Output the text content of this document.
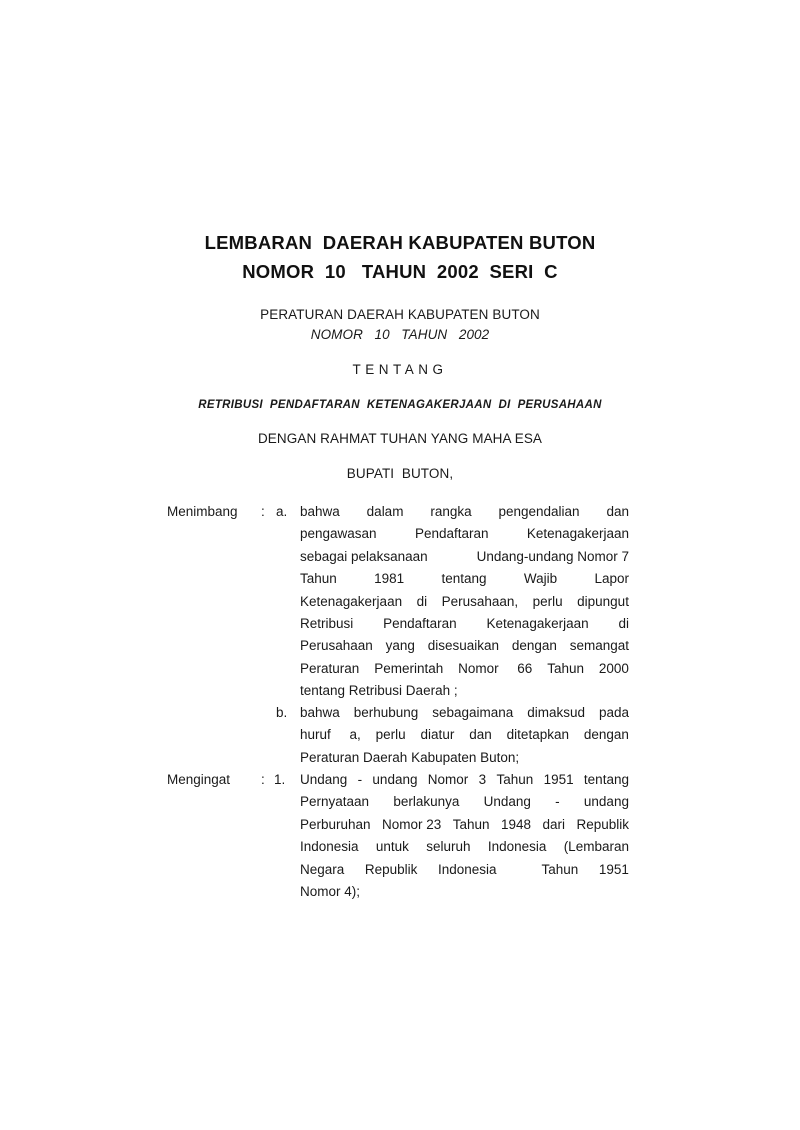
LEMBARAN  DAERAH KABUPATEN BUTON
NOMOR  10   TAHUN  2002  SERI  C
PERATURAN DAERAH KABUPATEN BUTON
NOMOR   10   TAHUN   2002
TENTANG
RETRIBUSI  PENDAFTARAN  KETENAGAKERJAAN  DI  PERUSAHAAN
DENGAN RAHMAT TUHAN YANG MAHA ESA
BUPATI  BUTON,
Menimbang : a. bahwa dalam rangka pengendalian dan
pengawasan	Pendaftaran	Ketenagakerjaan
sebagai pelaksanaan	Undang-undang Nomor 7
Tahun	1981	tentang	Wajib	Lapor
Ketenagakerjaan di Perusahaan, perlu dipungut
Retribusi Pendaftaran Ketenagakerjaan di
Perusahaan yang disesuaikan dengan semangat
Peraturan Pemerintah Nomor 66 Tahun 2000
tentang Retribusi Daerah ;
b. bahwa berhubung sebagaimana dimaksud pada
huruf a, perlu diatur dan ditetapkan dengan
Peraturan Daerah Kabupaten Buton;
Mengingat : 1. Undang - undang Nomor 3 Tahun 1951 tentang
Pernyataan berlakunya Undang - undang
Perburuhan Nomor 23 Tahun 1948 dari Republik
Indonesia untuk seluruh Indonesia (Lembaran
Negara Republik Indonesia
	Tahun 1951
Nomor 4);
